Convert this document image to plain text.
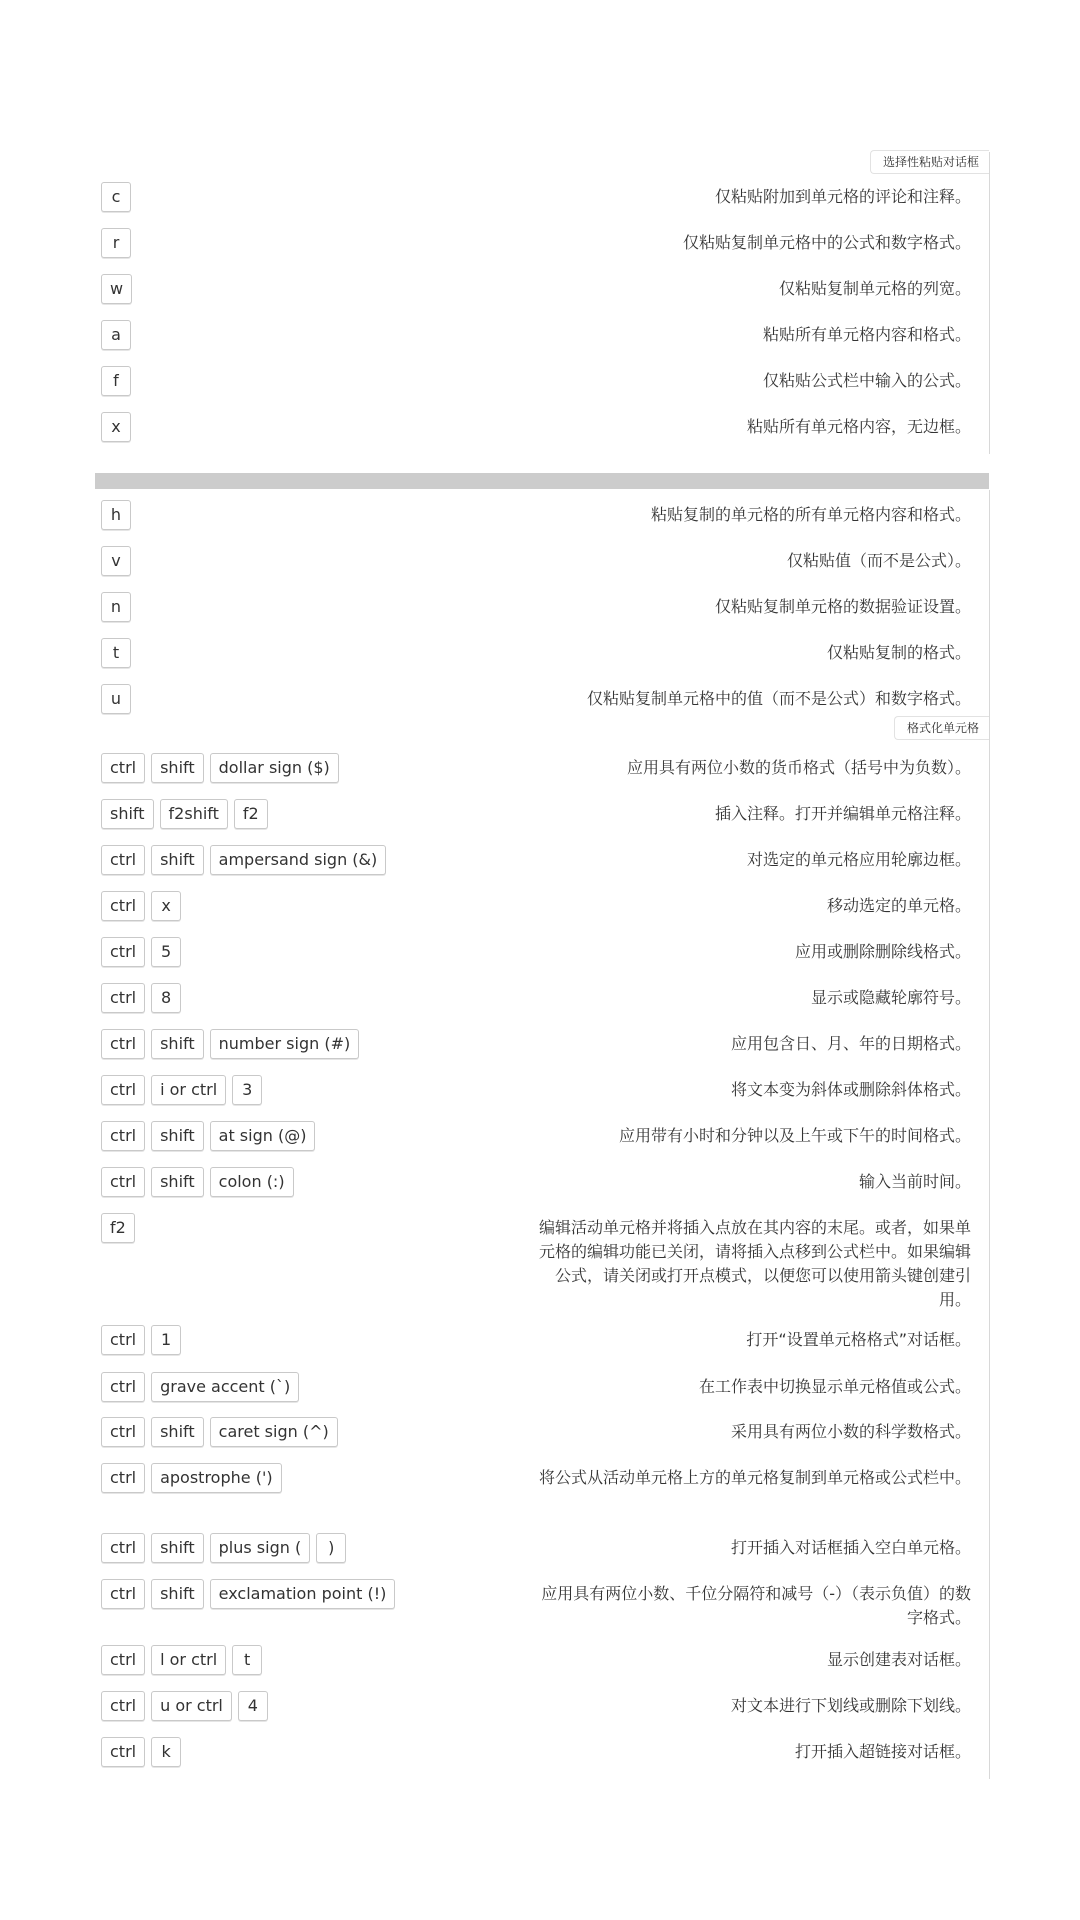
选择性粘贴对话框
c	仅粘贴附加到单元格的评论和注释。
r	仅粘贴复制单元格中的公式和数字格式。
w	仅粘贴复制单元格的列宽。
a	粘贴所有单元格内容和格式。
f	仅粘贴公式栏中输入的公式。
x	粘贴所有单元格内容，无边框。
h	粘贴复制的单元格的所有单元格内容和格式。
v	仅粘贴值（而不是公式）。
n	仅粘贴复制单元格的数据验证设置。
t	仅粘贴复制的格式。
u	仅粘贴复制单元格中的值（而不是公式）和数字格式。
格式化单元格
ctrl	shift	dollar sign ($)	应用具有两位小数的货币格式（括号中为负数）。
shift	f2shift	f2	插入注释。打开并编辑单元格注释。
ctrl	shift	ampersand sign (&)	对选定的单元格应用轮廓边框。
ctrl	x	移动选定的单元格。
ctrl	5	应用或删除删除线格式。
ctrl	8	显示或隐藏轮廓符号。
ctrl	shift	number sign (#)	应用包含日、月、年的日期格式。
ctrl	i or ctrl	3	将文本变为斜体或删除斜体格式。
ctrl	shift	at sign (@)	应用带有小时和分钟以及上午或下午的时间格式。
ctrl	shift	colon (:)	输入当前时间。
f2	编辑活动单元格并将插入点放在其内容的末尾。或者，如果单元格的编辑功能已关闭，请将插入点移到公式栏中。如果编辑公式，请关闭或打开点模式，以便您可以使用箭头键创建引用。
ctrl	1	打开“设置单元格格式”对话框。
ctrl	grave accent (`)	在工作表中切换显示单元格值或公式。
ctrl	shift	caret sign (^)	采用具有两位小数的科学数格式。
ctrl	apostrophe (')	将公式从活动单元格上方的单元格复制到单元格或公式栏中。
ctrl	shift	plus sign (	)	打开插入对话框插入空白单元格。
ctrl	shift	exclamation point (!)	应用具有两位小数、千位分隔符和减号（-）（表示负值）的数字格式。
ctrl	l or ctrl	t	显示创建表对话框。
ctrl	u or ctrl	4	对文本进行下划线或删除下划线。
ctrl	k	打开插入超链接对话框。
